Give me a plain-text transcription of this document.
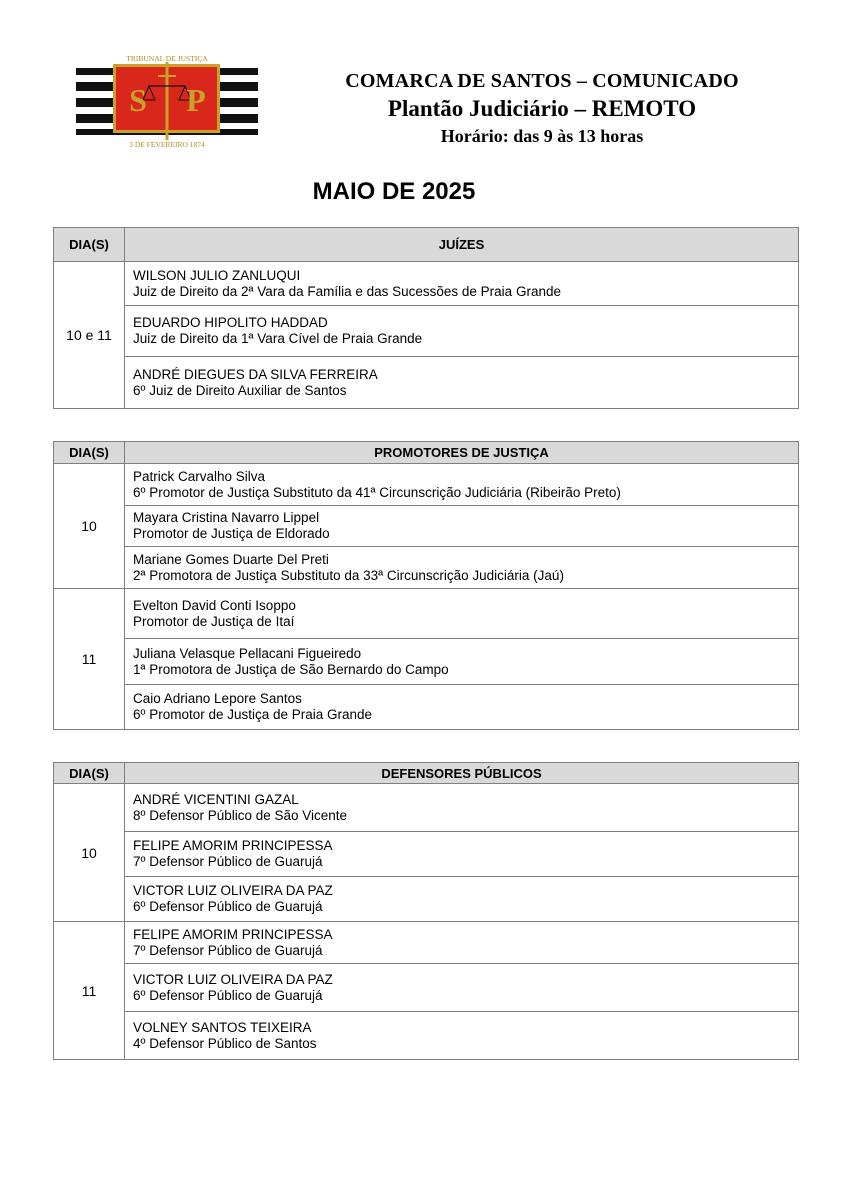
TRIBUNAL DE JUSTIÇA
S P
3 DE FEVEREIRO 1874
COMARCA DE SANTOS – COMUNICADO
Plantão Judiciário – REMOTO
Horário: das 9 às 13 horas
MAIO DE 2025
DIA(S)	JUÍZES
10 e 11	WILSON JULIO ZANLUQUI
Juiz de Direito da 2ª Vara da Família e das Sucessões de Praia Grande

	EDUARDO HIPOLITO HADDAD
Juiz de Direito da 1ª Vara Cível de Praia Grande

	ANDRÉ DIEGUES DA SILVA FERREIRA
6º Juiz de Direito Auxiliar de Santos
DIA(S)	PROMOTORES DE JUSTIÇA
10	Patrick Carvalho Silva
6º Promotor de Justiça Substituto da 41ª Circunscrição Judiciária (Ribeirão Preto)

	Mayara Cristina Navarro Lippel
Promotor de Justiça de Eldorado

	Mariane Gomes Duarte Del Preti
2ª Promotora de Justiça Substituto da 33ª Circunscrição Judiciária (Jaú)

11	Evelton David Conti Isoppo
Promotor de Justiça de Itaí

	Juliana Velasque Pellacani Figueiredo
1ª Promotora de Justiça de São Bernardo do Campo

	Caio Adriano Lepore Santos
6º Promotor de Justiça de Praia Grande
DIA(S)	DEFENSORES PÚBLICOS
10	ANDRÉ VICENTINI GAZAL
8º Defensor Público de São Vicente

	FELIPE AMORIM PRINCIPESSA
7º Defensor Público de Guarujá

	VICTOR LUIZ OLIVEIRA DA PAZ
6º Defensor Público de Guarujá

11	FELIPE AMORIM PRINCIPESSA
7º Defensor Público de Guarujá

	VICTOR LUIZ OLIVEIRA DA PAZ
6º Defensor Público de Guarujá

	VOLNEY SANTOS TEIXEIRA
4º Defensor Público de Santos
